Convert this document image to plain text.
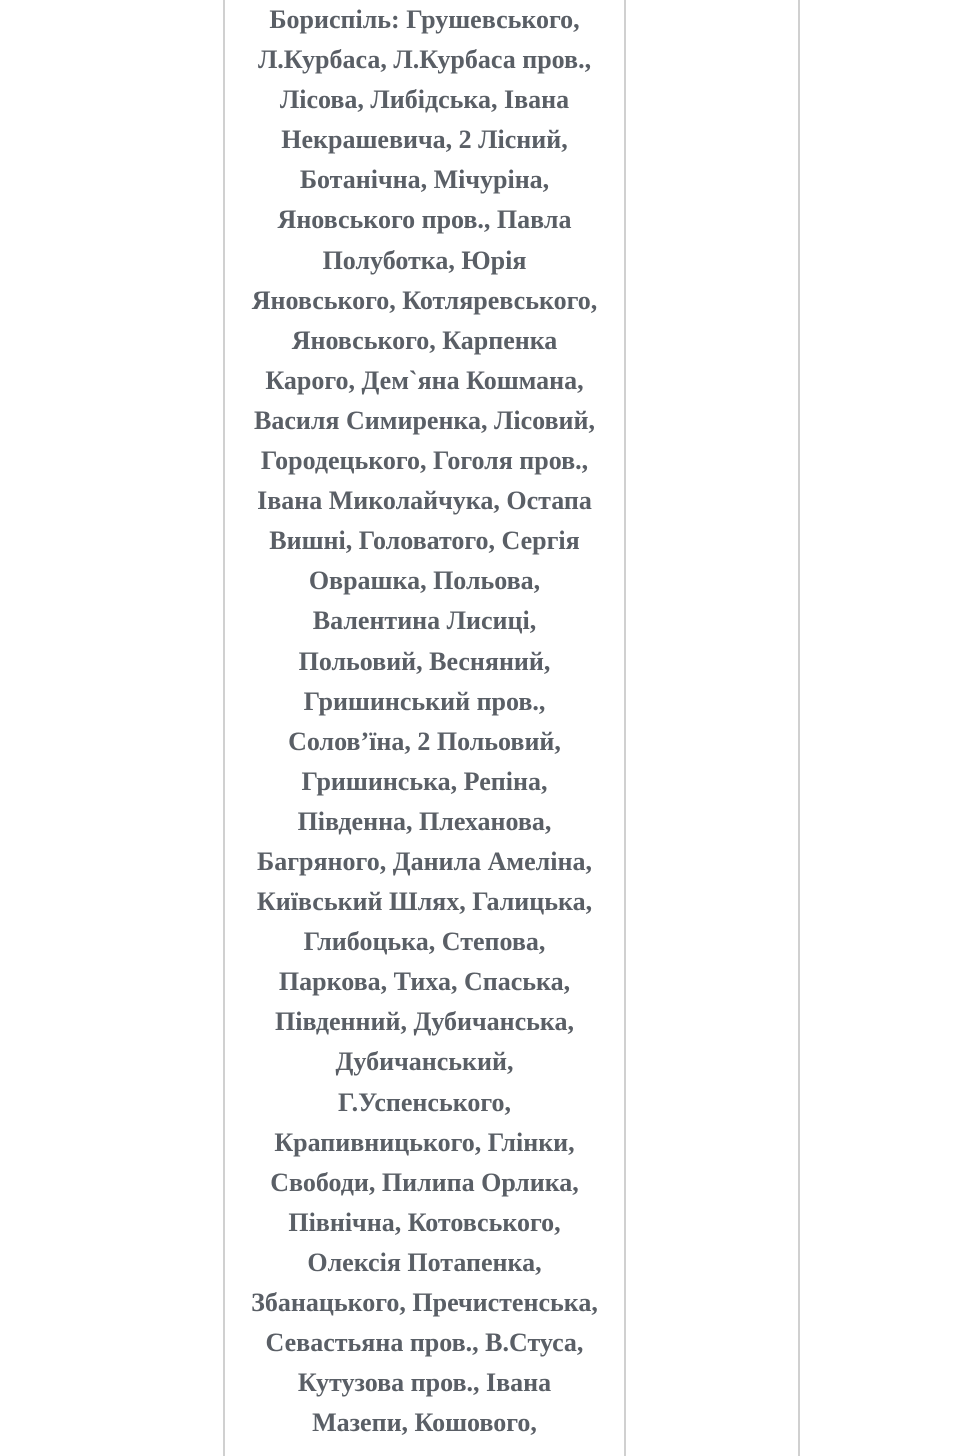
Бориспіль: Грушевського,
Л.Курбаса, Л.Курбаса пров.,
Лісова, Либідська, Івана
Некрашевича, 2 Лісний,
Ботанічна, Мічуріна,
Яновського пров., Павла
Полуботка, Юрія
Яновського, Котляревського,
Яновського, Карпенка
Карого, Дем`яна Кошмана,
Василя Симиренка, Лісовий,
Городецького, Гоголя пров.,
Івана Миколайчука, Остапа
Вишні, Головатого, Сергія
Оврашка, Польова,
Валентина Лисиці,
Польовий, Весняний,
Гришинський пров.,
Солов’їна, 2 Польовий,
Гришинська, Репіна,
Південна, Плеханова,
Багряного, Данила Амеліна,
Київський Шлях, Галицька,
Глибоцька, Степова,
Паркова, Тиха, Спаська,
Південний, Дубичанська,
Дубичанський,
Г.Успенського,
Крапивницького, Глінки,
Свободи, Пилипа Орлика,
Північна, Котовського,
Олексія Потапенка,
Збанацького, Пречистенська,
Севастьяна пров., В.Стуса,
Кутузова пров., Івана
Мазепи, Кошового,
